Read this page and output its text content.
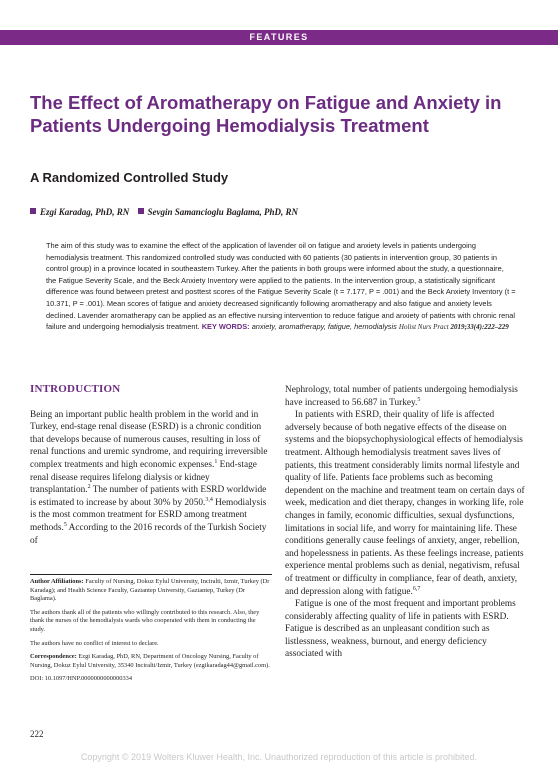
FEATURES
The Effect of Aromatherapy on Fatigue and Anxiety in Patients Undergoing Hemodialysis Treatment
A Randomized Controlled Study
Ezgi Karadag, PhD, RN Sevgin Samancioglu Baglama, PhD, RN

The aim of this study was to examine the effect of the application of lavender oil on fatigue and anxiety levels in patients undergoing hemodialysis treatment. This randomized controlled study was conducted with 60 patients (30 patients in intervention group, 30 patients in control group) in a province located in southeastern Turkey. After the patients in both groups were informed about the study, a questionnaire, the Fatigue Severity Scale, and the Beck Anxiety Inventory were applied to the patients. In the intervention group, a statistically significant difference was found between pretest and posttest scores of the Fatigue Severity Scale (t = 7.177, P = .001) and the Beck Anxiety Inventory (t = 10.371, P = .001). Mean scores of fatigue and anxiety decreased significantly following aromatherapy and also fatigue and anxiety levels declined. Lavender aromatherapy can be applied as an effective nursing intervention to reduce fatigue and anxiety of patients with chronic renal failure and undergoing hemodialysis treatment. KEY WORDS: anxiety, aromatherapy, fatigue, hemodialysis Holist Nurs Pract 2019;33(4):222–229

INTRODUCTION

Being an important public health problem in the world and in Turkey, end-stage renal disease (ESRD) is a chronic condition that develops because of numerous causes, resulting in loss of renal functions and uremic syndrome, and requiring irreversible complex treatments and high economic expenses.$^1$ End-stage renal disease requires lifelong dialysis or kidney transplantation.$^2$ The number of patients with ESRD worldwide is estimated to increase by about 30% by 2050.$^{3,4}$ Hemodialysis is the most common treatment for ESRD among treatment methods.$^5$ According to the 2016 records of the Turkish Society of

Nephrology, total number of patients undergoing hemodialysis have increased to 56.687 in Turkey.$^5$

In patients with ESRD, their quality of life is affected adversely because of both negative effects of the disease on systems and the biopsychophysiological effects of hemodialysis treatment. Although hemodialysis treatment saves lives of patients, this treatment considerably limits normal lifestyle and quality of life. Patients face problems such as becoming dependent on the machine and treatment team on certain days of week, medication and diet therapy, changes in working life, role changes in family, economic difficulties, sexual dysfunctions, limitations in social life, and worry for maintaining life. These conditions generally cause feelings of anxiety, anger, rebellion, and hopelessness in patients. As these feelings increase, patients experience mental problems such as denial, negativism, refusal of treatment or difficulty in compliance, fear of death, anxiety, and depression along with fatigue.$^{6,7}$

Fatigue is one of the most frequent and important problems considerably affecting quality of life in patients with ESRD. Fatigue is described as an unpleasant condition such as listlessness, weakness, burnout, and energy deficiency associated with

Author Affiliations: Faculty of Nursing, Dokuz Eylul University, Inciralti, Izmir, Turkey (Dr Karadag); and Health Science Faculty, Gaziantep University, Gaziantep, Turkey (Dr Baglama).

The authors thank all of the patients who willingly contributed to this research. Also, they thank the nurses of the hemodialysis wards who cooperated with them in conducting the study.

The authors have no conflict of interest to declare.

Correspondence: Ezgi Karadag, PhD, RN, Department of Oncology Nursing, Faculty of Nursing, Dokuz Eylul University, 35340 Inciralti/Izmir, Turkey (ezgikaradag44@gmail.com).

DOI: 10.1097/HNP.0000000000000334

222
Copyright © 2019 Wolters Kluwer Health, Inc. Unauthorized reproduction of this article is prohibited.
